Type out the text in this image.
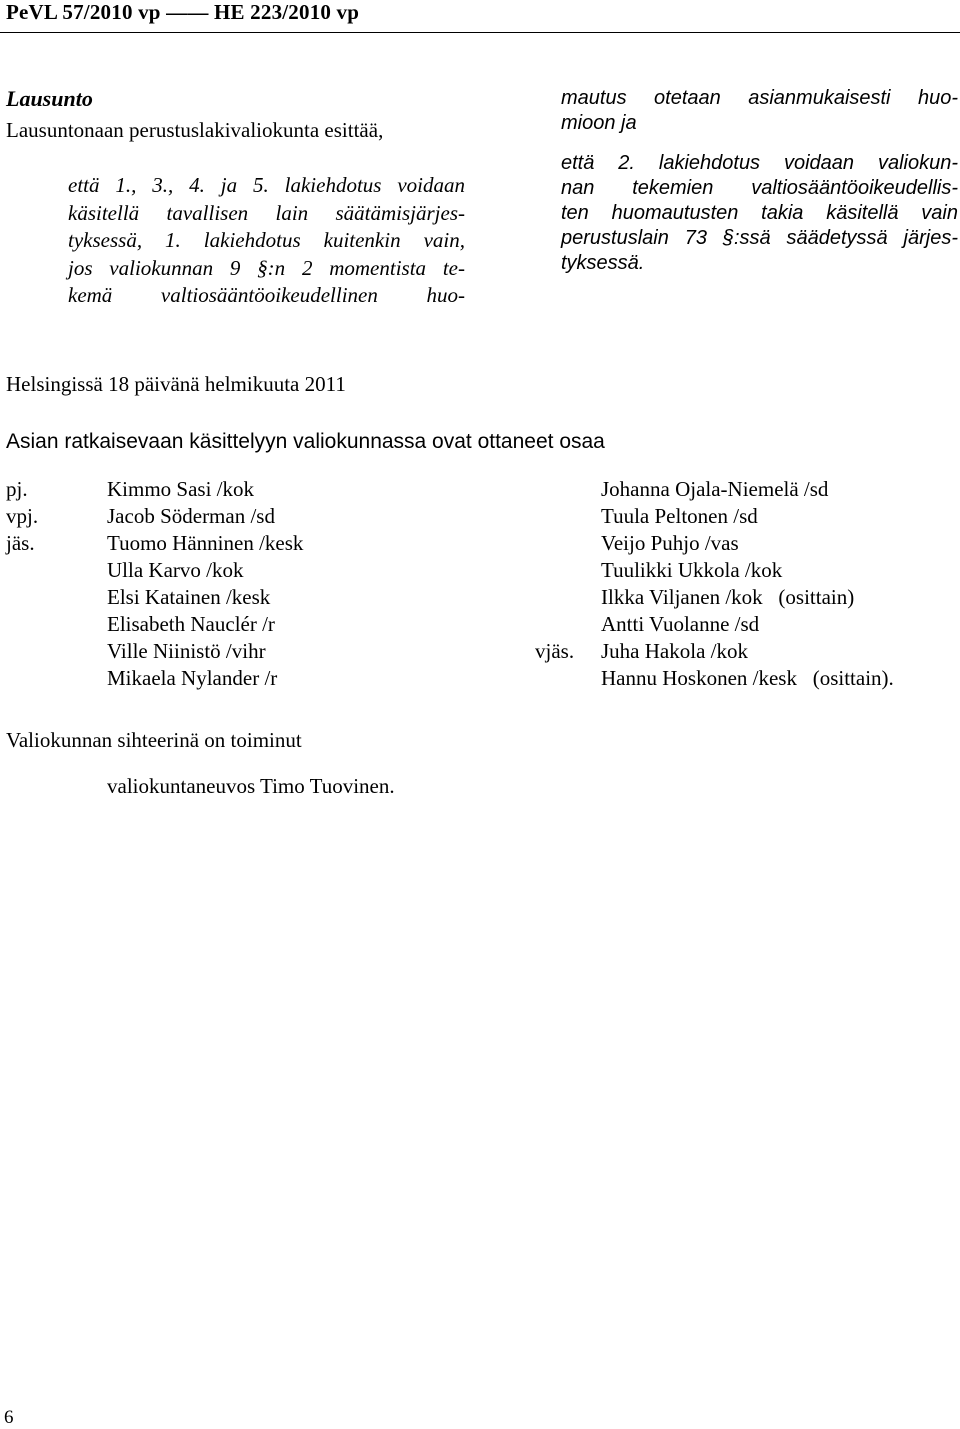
PeVL 57/2010 vp —— HE 223/2010 vp
Lausunto
Lausuntonaan perustuslakivaliokunta esittää,
että 1., 3., 4. ja 5. lakiehdotus voidaan
käsitellä tavallisen lain säätämisjärjes-
tyksessä, 1. lakiehdotus kuitenkin vain,
jos valiokunnan 9 §:n 2 momentista te-
kemä valtiosääntöoikeudellinen huo-
mautus otetaan asianmukaisesti huo-
mioon ja
että 2. lakiehdotus voidaan valiokun-
nan tekemien valtiosääntöoikeudellis-
ten huomautusten takia käsitellä vain
perustuslain 73 §:ssä säädetyssä järjes-
tyksessä.
Helsingissä 18 päivänä helmikuuta 2011
Asian ratkaisevaan käsittelyyn valiokunnassa ovat ottaneet osaa
pj.	Kimmo Sasi /kok	Johanna Ojala-Niemelä /sd
vpj.	Jacob Söderman /sd	Tuula Peltonen /sd
jäs.	Tuomo Hänninen /kesk	Veijo Puhjo /vas
Ulla Karvo /kok	Tuulikki Ukkola /kok
Elsi Katainen /kesk	Ilkka Viljanen /kok   (osittain)
Elisabeth Nauclér /r	Antti Vuolanne /sd
Ville Niinistö /vihr	vjäs. Juha Hakola /kok
Mikaela Nylander /r	Hannu Hoskonen /kesk   (osittain).
Valiokunnan sihteerinä on toiminut
valiokuntaneuvos Timo Tuovinen.
6
